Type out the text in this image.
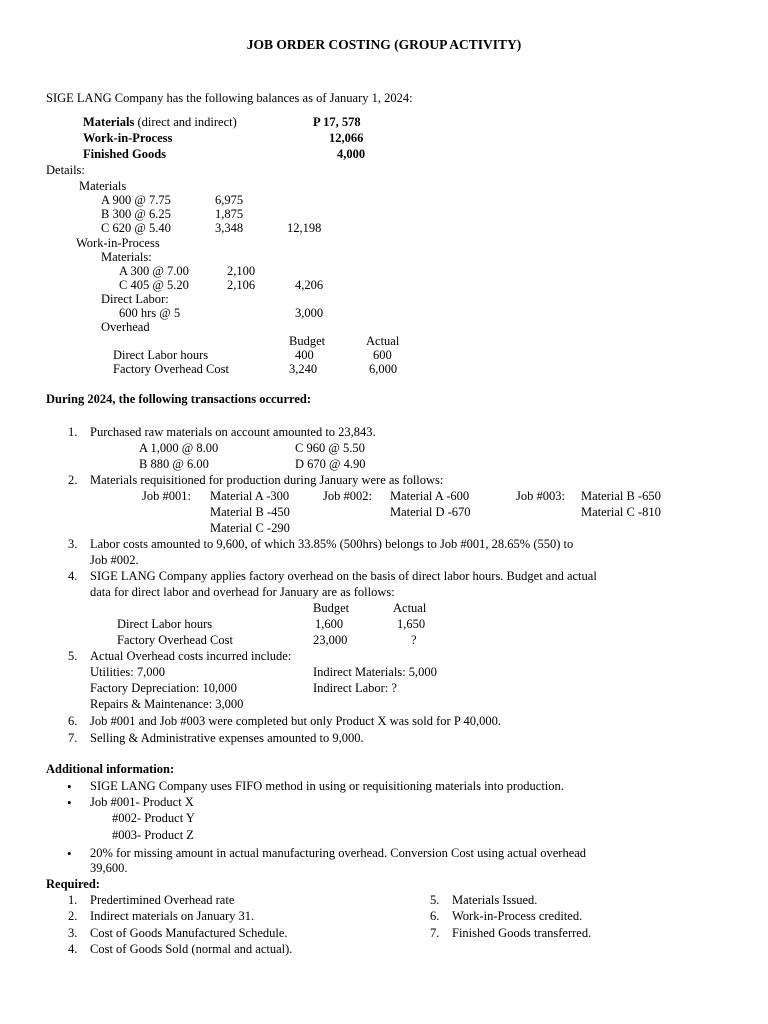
JOB ORDER COSTING (GROUP ACTIVITY)
SIGE LANG Company has the following balances as of January 1, 2024:
Materials (direct and indirect)	P 17, 578
Work-in-Process	12,066
Finished Goods	4,000
Details:
Materials
A 900 @ 7.75	6,975
B 300 @ 6.25	1,875
C 620 @ 5.40	3,348	12,198
Work-in-Process
Materials:
A 300 @ 7.00	2,100
C 405 @ 5.20	2,106	4,206
Direct Labor:
600 hrs @ 5	3,000
Overhead
Budget	Actual
Direct Labor hours	400	600
Factory Overhead Cost	3,240	6,000
During 2024, the following transactions occurred:
1. Purchased raw materials on account amounted to 23,843.
A 1,000 @ 8.00	C 960 @ 5.50
B 880 @ 6.00	D 670 @ 4.90
2. Materials requisitioned for production during January were as follows:
Job #001: Material A -300
Material B -450
Material C -290
Job #002: Material A -600
Material D -670
Job #003: Material B -650
Material C -810
3. Labor costs amounted to 9,600, of which 33.85% (500hrs) belongs to Job #001, 28.65% (550) to
Job #002.
4. SIGE LANG Company applies factory overhead on the basis of direct labor hours. Budget and actual
data for direct labor and overhead for January are as follows:
Budget	Actual
Direct Labor hours	1,600	1,650
Factory Overhead Cost	23,000	?
5. Actual Overhead costs incurred include:
Utilities: 7,000
Factory Depreciation: 10,000
Repairs & Maintenance: 3,000
Indirect Materials: 5,000
Indirect Labor: ?
6. Job #001 and Job #003 were completed but only Product X was sold for P 40,000.
7. Selling & Administrative expenses amounted to 9,000.
Additional information:
• SIGE LANG Company uses FIFO method in using or requisitioning materials into production.
• Job #001- Product X
#002- Product Y
#003- Product Z
• 20% for missing amount in actual manufacturing overhead. Conversion Cost using actual overhead
39,600.
Required:
1. Predertimined Overhead rate
2. Indirect materials on January 31.
3. Cost of Goods Manufactured Schedule.
4. Cost of Goods Sold (normal and actual).
5. Materials Issued.
6. Work-in-Process credited.
7. Finished Goods transferred.
